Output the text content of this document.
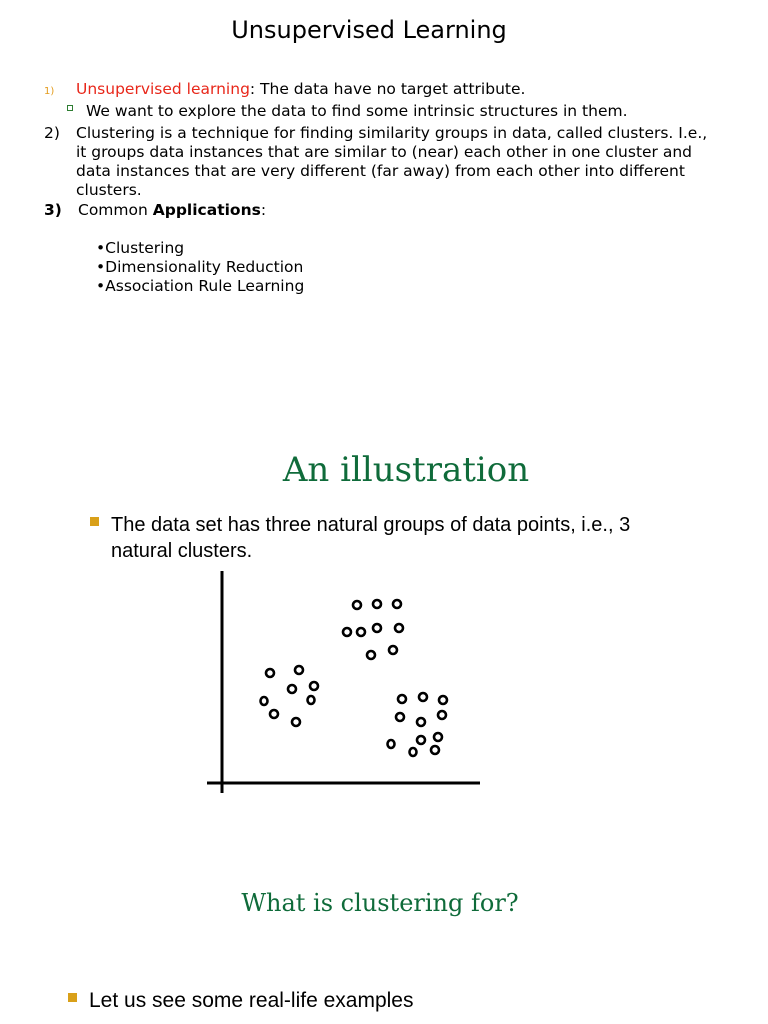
Unsupervised Learning
1) Unsupervised learning: The data have no target attribute.
We want to explore the data to find some intrinsic structures in them.
2) Clustering is a technique for finding similarity groups in data, called clusters. I.e.,
it groups data instances that are similar to (near) each other in one cluster and
data instances that are very different (far away) from each other into different
clusters.
3) Common Applications:
•Clustering
•Dimensionality Reduction
•Association Rule Learning
An illustration
The data set has three natural groups of data points, i.e., 3
natural clusters.
What is clustering for?
Let us see some real-life examples
